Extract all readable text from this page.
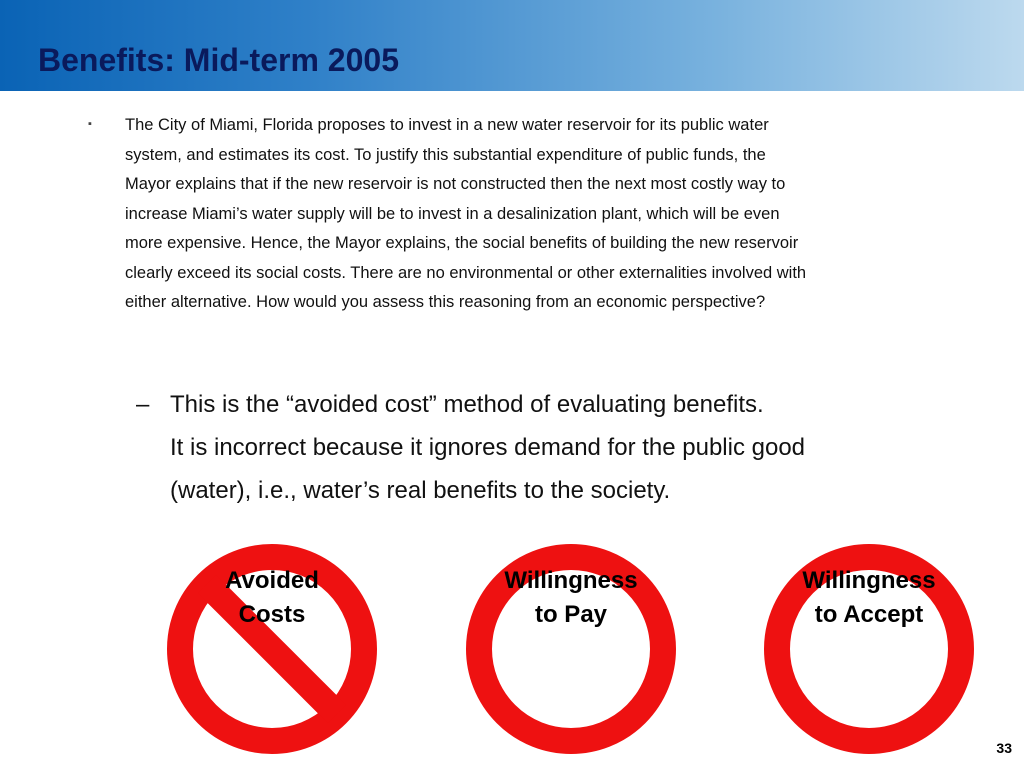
Benefits: Mid-term 2005
▪ The City of Miami, Florida proposes to invest in a new water reservoir for its public water
system, and estimates its cost. To justify this substantial expenditure of public funds, the
Mayor explains that if the new reservoir is not constructed then the next most costly way to
increase Miami’s water supply will be to invest in a desalinization plant, which will be even
more expensive. Hence, the Mayor explains, the social benefits of building the new reservoir
clearly exceed its social costs. There are no environmental or other externalities involved with
either alternative. How would you assess this reasoning from an economic perspective?
– This is the “avoided cost” method of evaluating benefits.
It is incorrect because it ignores demand for the public good
(water), i.e., water’s real benefits to the society.
Avoided
Costs
Willingness
to Pay
Willingness
to Accept
33
